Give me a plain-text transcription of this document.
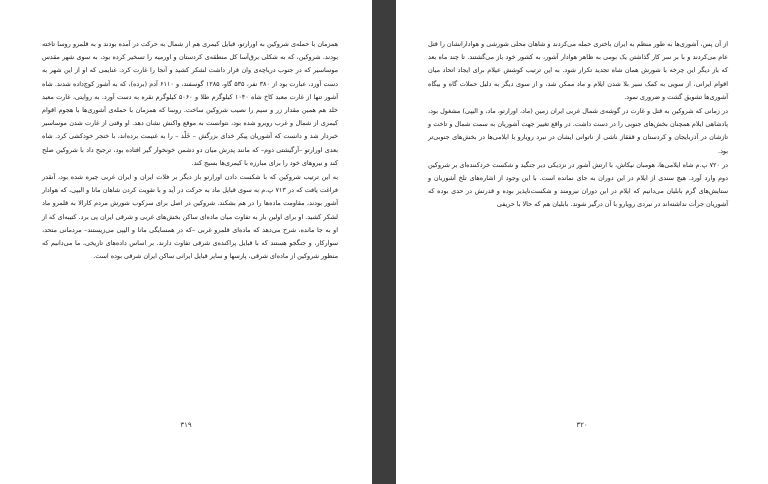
همزمان با حمله‌ی شروکین به اورارتو، قبایل کیمری هم از شمال به حرکت در آمده بودند و به قلمرو روسا تاخته بودند. شروکین، که به شکلی برق‌آسا کل منطقه‌ی کردستان و اورمیه را تسخیر کرده بود، به سوی شهر مقدس موساسیر که در جنوب دریاچه‌ی وان قرار داشت لشکر کشید و آنجا را غارت کرد. غنایمی که او از این شهر به دست آورد، عبارت بود از ۳۸۰ نفر، ۵۳۵ گاو، ۱۲۸۵ گوسفند، و ۶۱۱۰ آدم (برده)، که به آشور کوچ‌داده شدند. شاه آشور تنها از غارت معبد کاخ شاه ۱۰۴۰ کیلوگرم طلا و ۵۰۶۰ کیلوگرم نقره به دست آورد. به روایتی، غارت معبد خلد هم همین مقدار زر و سیم را نصیب شروکین ساخت. روسا که همزمان با حمله‌ی آشوری‌ها با هجوم اقوام کیمری از شمال و غرب روبرو شده بود، نتوانست به موقع واکنش نشان دهد. او وقتی از غارت شدن موساسیر خبردار شد و دانست که آشوریان پیکر خدای بزرگش – خَلْد – را به غنیمت برده‌اند، با خنجر خودکشی کرد. شاه بعدی اورارتو –آرگیشتی دوم– که مانند پدرش میان دو دشمن خونخوار گیر افتاده بود، ترجیح داد با شروکین صلح کند و نیروهای خود را برای مبارزه با کیمری‌ها بسیج کند.

به این ترتیب شروکین که با شکست دادن اورارتو باز دیگر بر فلات ایران و ایران غربی چیره شده بود، آنقدر فراغت یافت که در ۷۱۳ پ.م به سوی قبایل ماد به حرکت در آید و با تقویت کردن شاهان مانا و الیپی، که هوادار آشور بودند، مقاومت ماده‌ها را در هم بشکند. شروکین در اصل برای سرکوب شورش مردم کارالا به قلمرو ماد لشکر کشید. او برای اولین بار به تفاوت میان ماده‌ای ساکن بخش‌های غربی و شرقی ایران پی برد. کتیبه‌ای که از او به جا مانده، شرح می‌دهد که ماده‌ای قلمرو غربی –که در همسایگی مانا و الیپی می‌زیستند– مردمانی متحد، سوارکار، و جنگجو هستند که با قبایل پراکنده‌ی شرقی تفاوت دارند. بر اساس داده‌های تاریخی، ما می‌دانیم که منظور شروکین از ماده‌ای شرقی، پارسها و سایر قبایل ایرانی ساکن ایران شرقی بوده است.

۳۱۹

از آن پس، آشوری‌ها به طور منظم به ایران باختری حمله می‌کردند و شاهان محلی شورشی و هوادارانشان را قتل عام می‌کردند و با بر سر کار گذاشتن یک بومی به ظاهر هوادار آشور، به کشور خود باز می‌گشتند. تا چند ماه بعد که باز دیگر این چرخه با شورش همان شاه تجدید تکرار شود. به این ترتیب کوشش عیلام برای ایجاد اتحاد میان اقوام ایرانی، از سویی به کمک سیر بلا شدن ایلام و ماد ممکن شد، و از سوی دیگر به دلیل حملات گاه و بیگاه آشوری‌ها تشویق گشت و ضروری نمود.

در زمانی که شروکین به قتل و غارت در گوشه‌ی شمال غربی ایران زمین (ماد، اورارتو، ماد، و الیپی) مشغول بود، پادشاهی ایلام همچنان بخش‌های جنوبی را در دست داشت. در واقع تغییر جهت آشوریان به سمت شمال و تاخت و تازشان در آذربایجان و کردستان و قفقاز ناشی از ناتوانی ایشان در نبرد رویارو با ایلامی‌ها در بخش‌های جنوبی‌تر بود.

در ۷۲۰ پ.م شاه ایلامی‌ها، هومبان نیکاش، با ارتش آشور در نزدیکی دیر جنگید و شکست خردکننده‌ای بر شروکین دوم وارد آورد. هیچ سندی از ایلام در این دوران به جای نمانده است. با این وجود از اشاره‌های تلخ آشوریان و ستایش‌های گرم بابلیان می‌دانیم که ایلام در این دوران نیرومند و شکست‌ناپذیر بوده و قدرتش در حدی بوده که آشوریان جرأت نداشته‌اند در نبردی رویارو با آن درگیر شوند. بابلیان هم که حالا با حریفی

۳۲۰
